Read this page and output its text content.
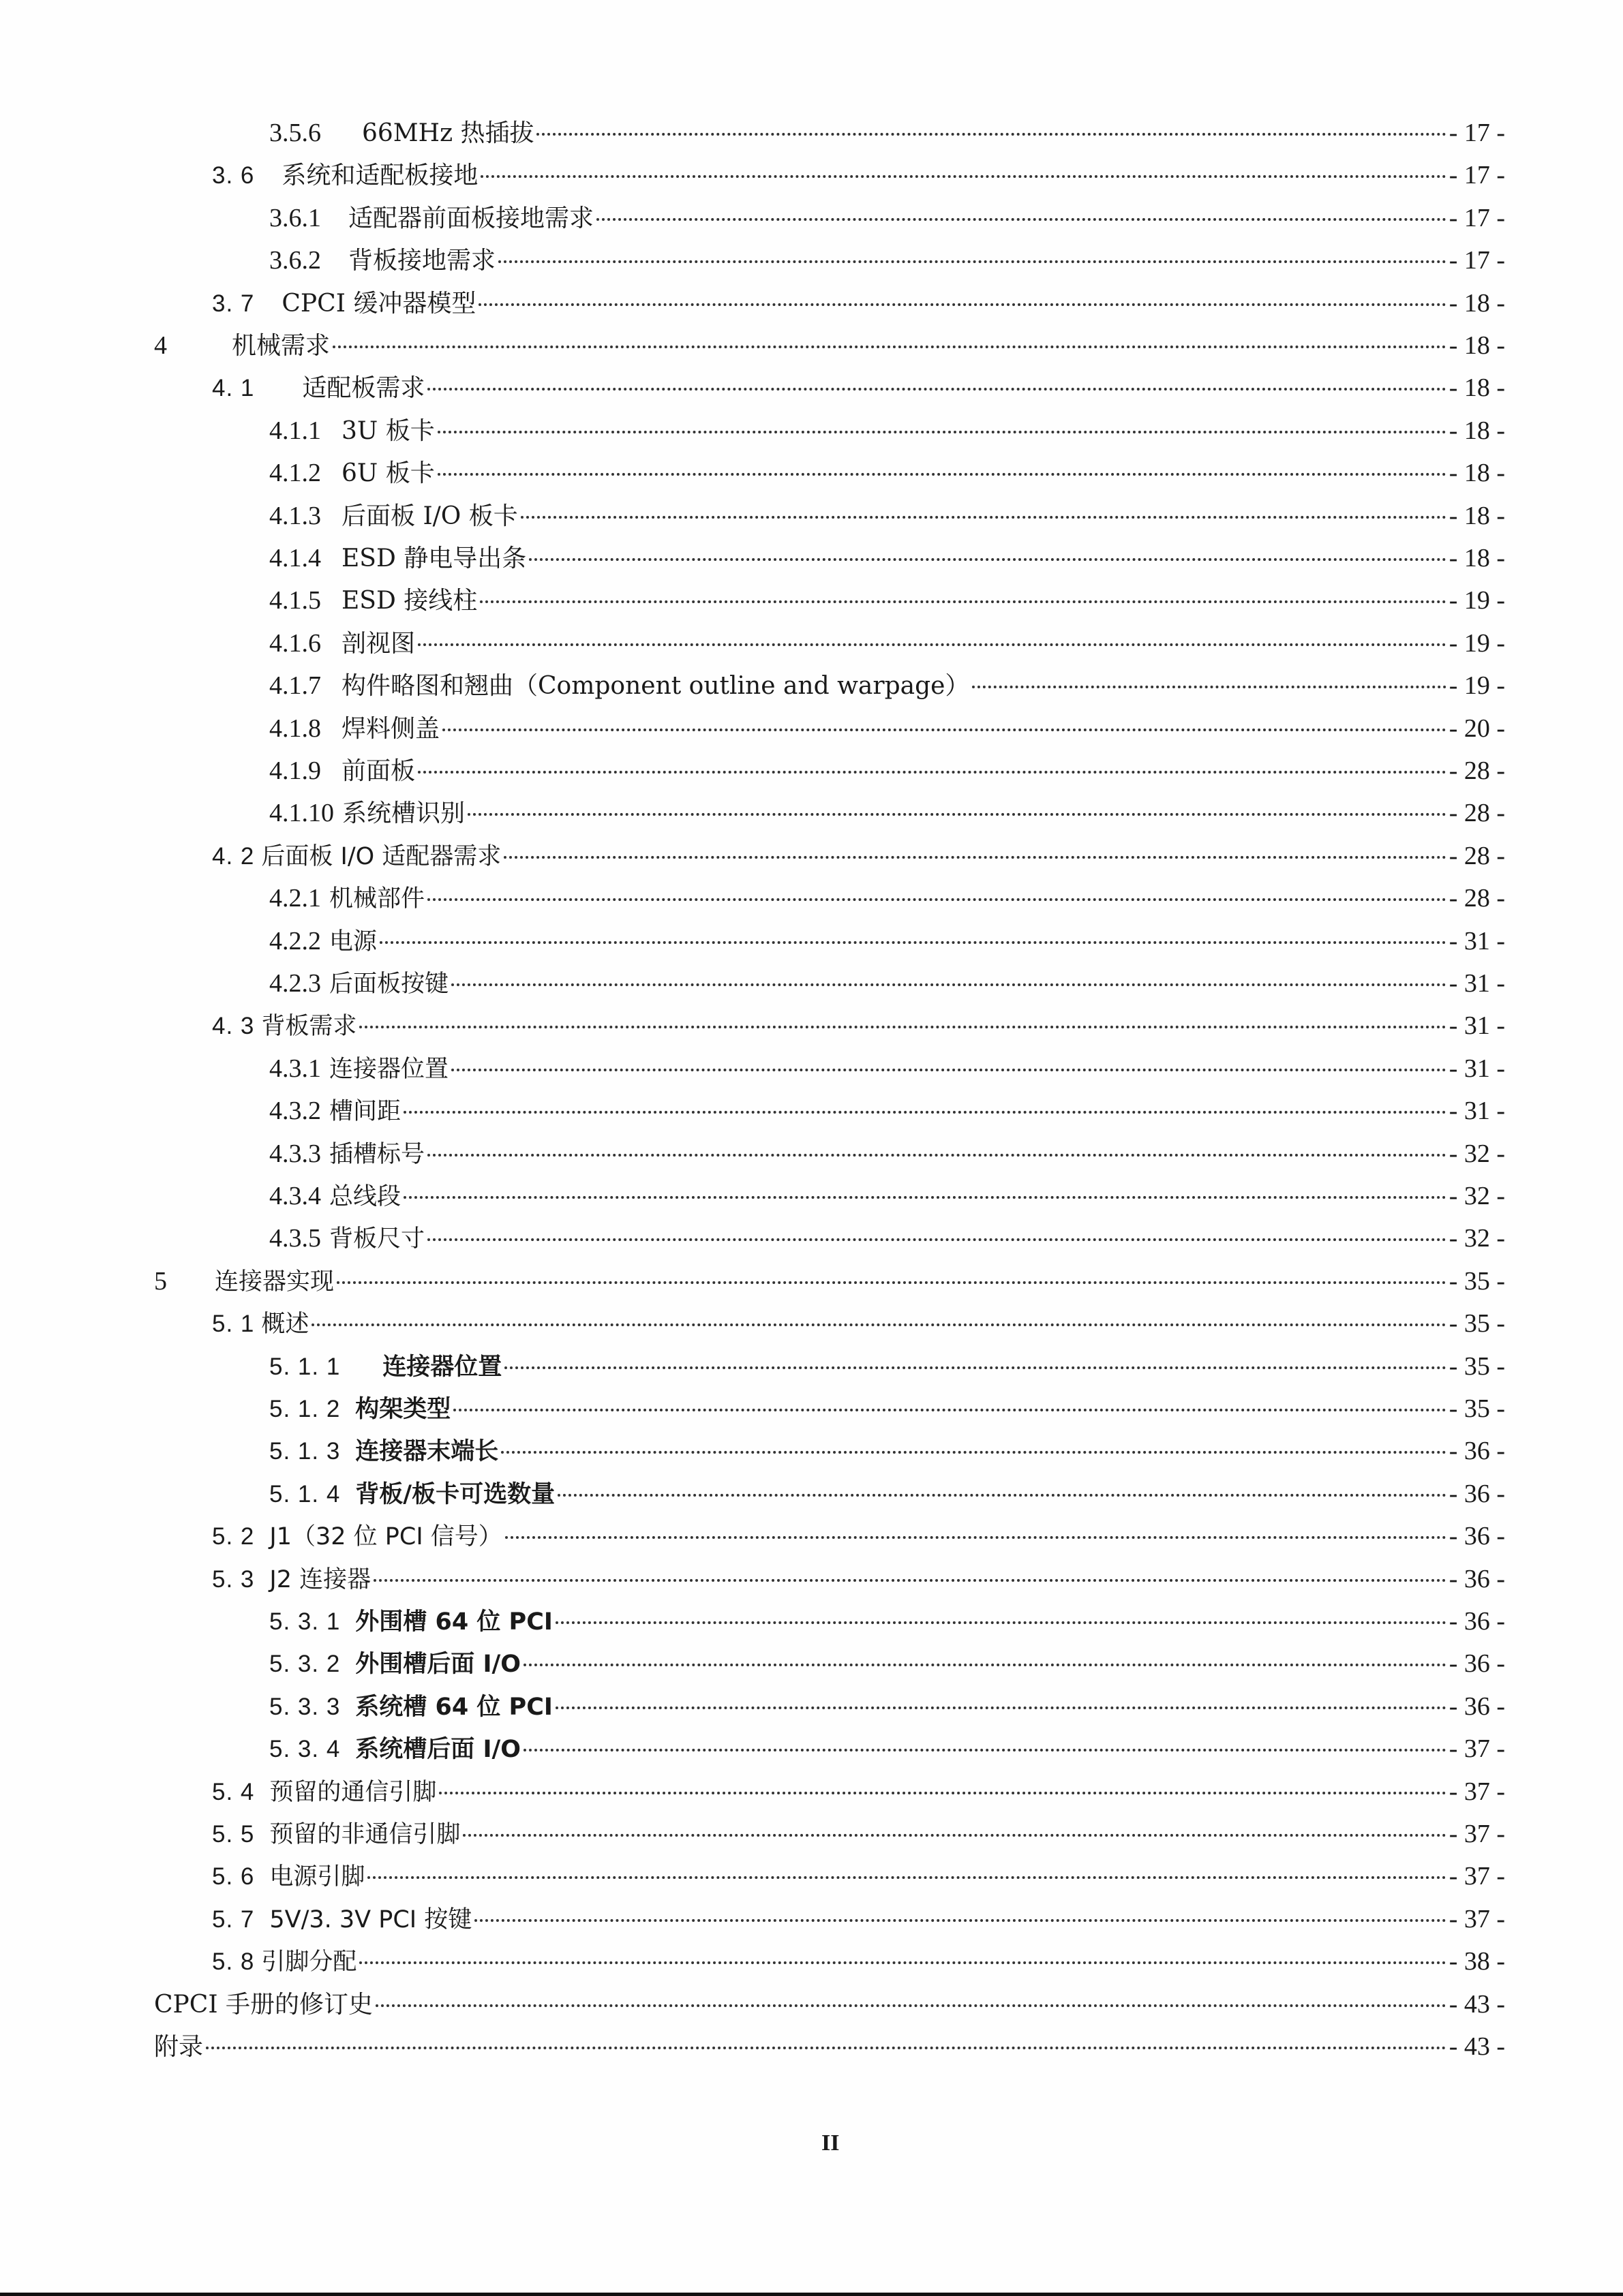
3.5.6 66MHz 热插拔	- 17 -
3. 6 系统和适配板接地	- 17 -
3.6.1 适配器前面板接地需求	- 17 -
3.6.2 背板接地需求	- 17 -
3. 7 CPCI 缓冲器模型	- 18 -
4	机械需求	- 18 -
4. 1 适配板需求	- 18 -
4.1.1 3U 板卡	- 18 -
4.1.2 6U 板卡	- 18 -
4.1.3 后面板 I/O 板卡	- 18 -
4.1.4 ESD 静电导出条	- 18 -
4.1.5 ESD 接线柱	- 19 -
4.1.6 剖视图	- 19 -
4.1.7 构件略图和翘曲（Component outline and warpage）	- 19 -
4.1.8 焊料侧盖	- 20 -
4.1.9 前面板	- 28 -
4.1.10 系统槽识别	- 28 -
4. 2 后面板 I/O 适配器需求	- 28 -
4.2.1 机械部件	- 28 -
4.2.2 电源	- 31 -
4.2.3 后面板按键	- 31 -
4. 3 背板需求	- 31 -
4.3.1 连接器位置	- 31 -
4.3.2 槽间距	- 31 -
4.3.3 插槽标号	- 32 -
4.3.4 总线段	- 32 -
4.3.5 背板尺寸	- 32 -
5 连接器实现	- 35 -
5. 1 概述	- 35 -
5. 1. 1 连接器位置	- 35 -
5. 1. 2 构架类型	- 35 -
5. 1. 3 连接器末端长	- 36 -
5. 1. 4 背板/板卡可选数量	- 36 -
5. 2 J1（32 位 PCI 信号）	- 36 -
5. 3 J2 连接器	- 36 -
5. 3. 1 外围槽 64 位 PCI	- 36 -
5. 3. 2 外围槽后面 I/O	- 36 -
5. 3. 3 系统槽 64 位 PCI	- 36 -
5. 3. 4 系统槽后面 I/O	- 37 -
5. 4 预留的通信引脚	- 37 -
5. 5 预留的非通信引脚	- 37 -
5. 6 电源引脚	- 37 -
5. 7 5V/3. 3V PCI 按键	- 37 -
5. 8 引脚分配	- 38 -
CPCI 手册的修订史	- 43 -
附录	- 43 -
II
